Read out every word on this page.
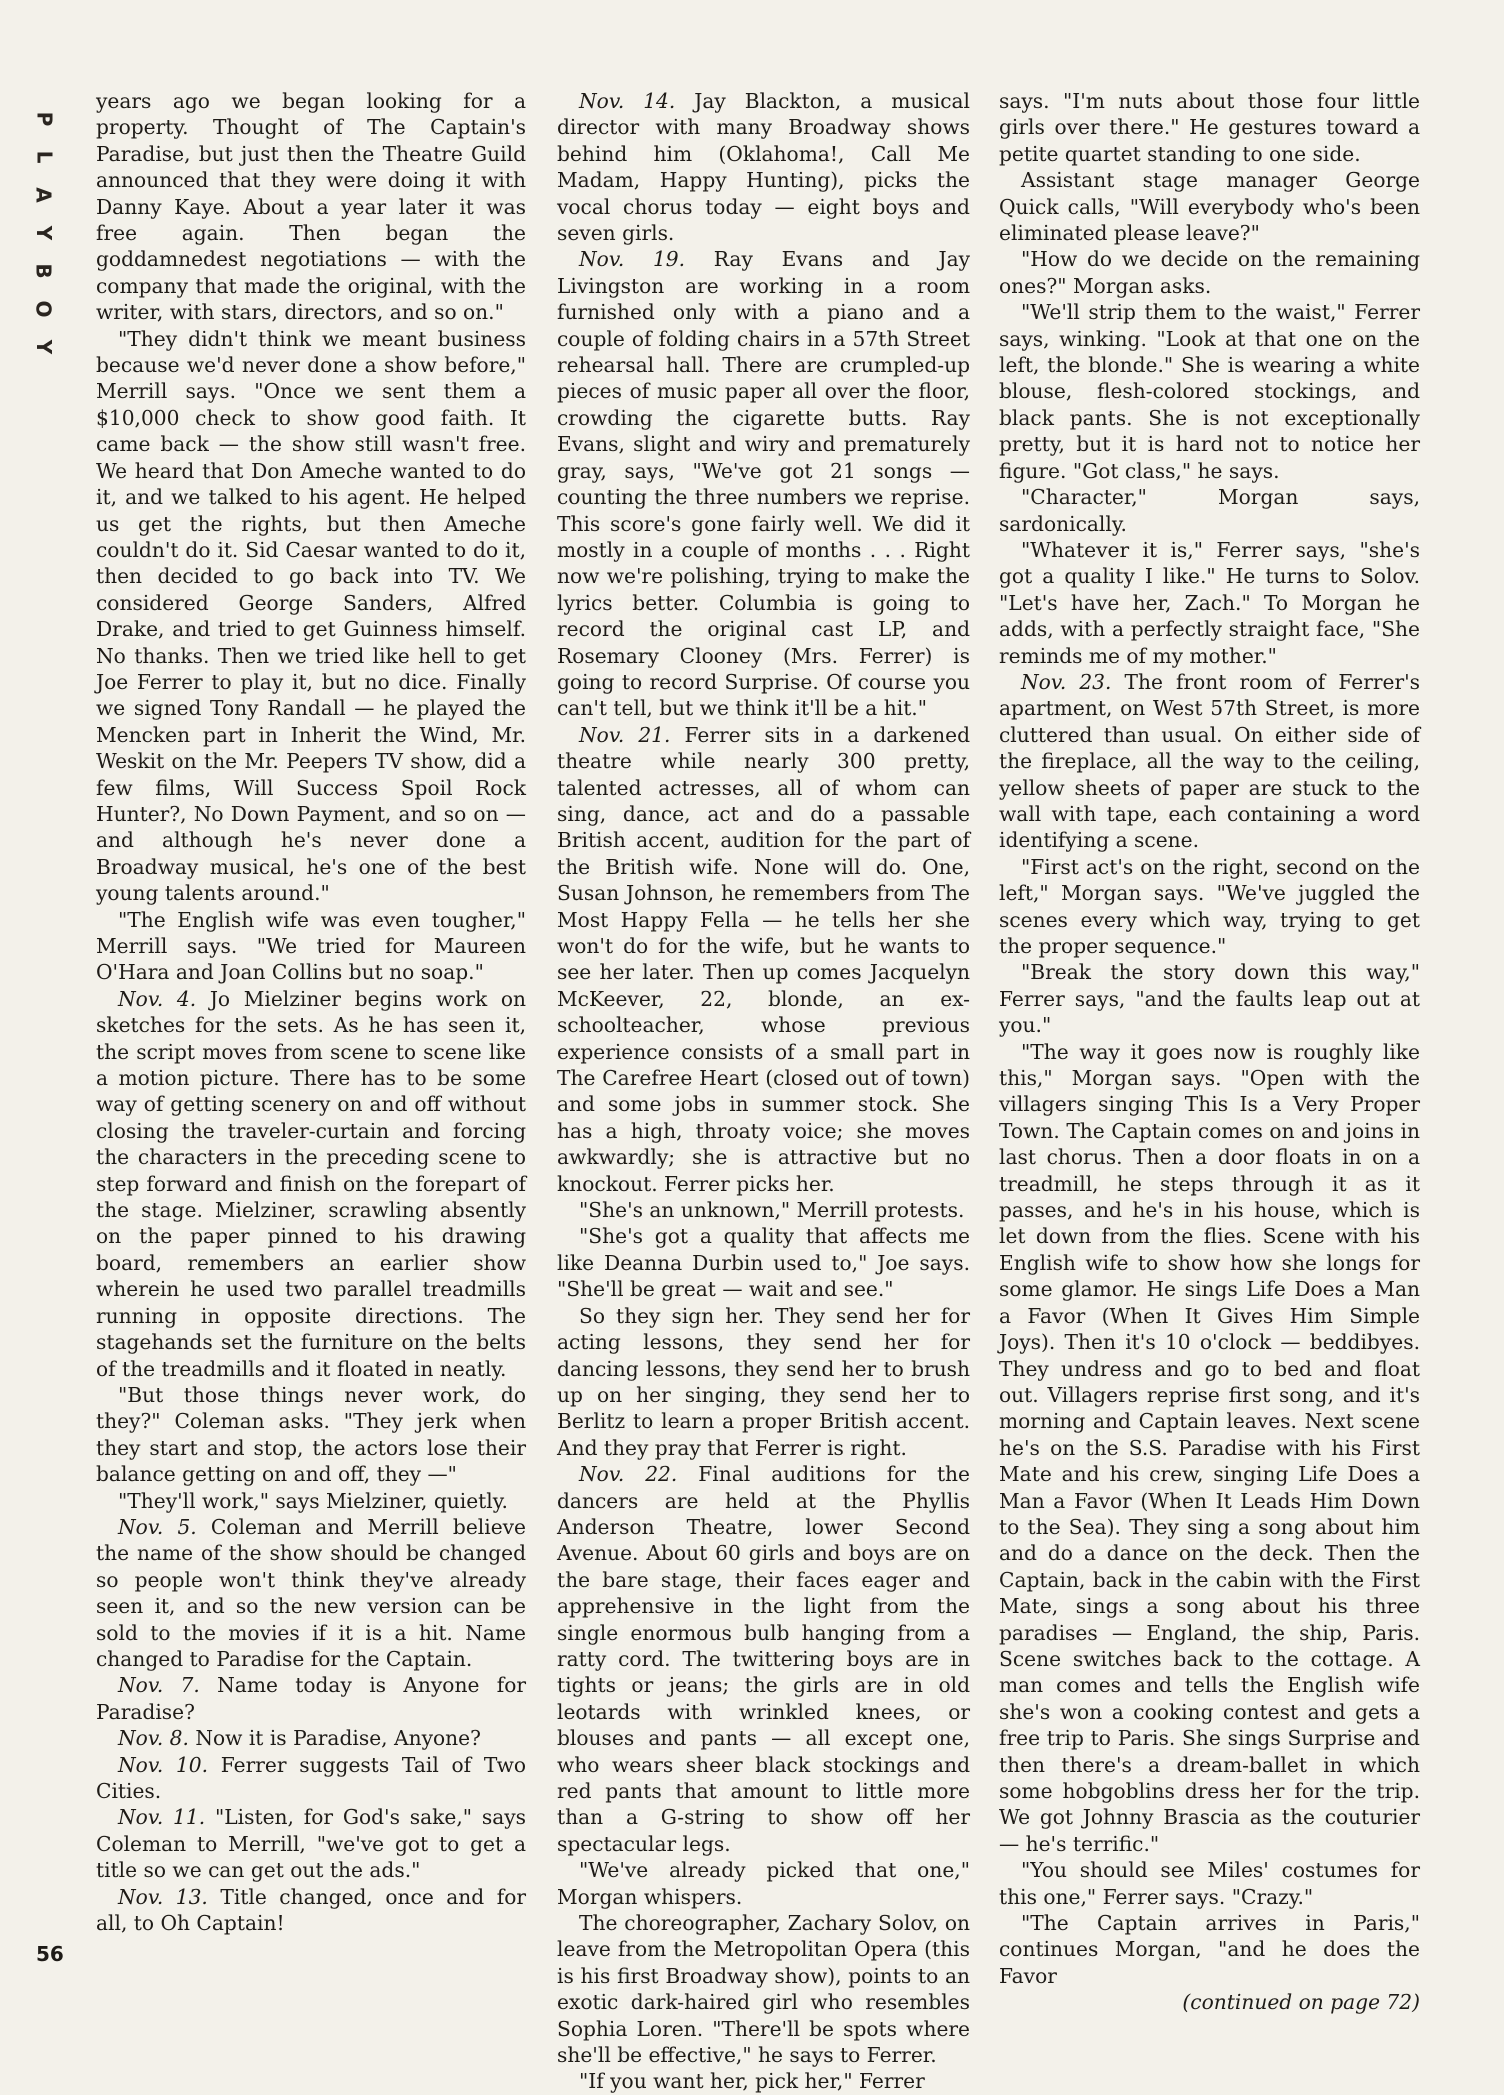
P
L
A
Y
B
O
Y

years ago we began looking for a property. Thought of The Captain's Paradise, but just then the Theatre Guild announced that they were doing it with Danny Kaye. About a year later it was free again. Then began the goddamnedest negotiations — with the company that made the original, with the writer, with stars, directors, and so on."

"They didn't think we meant business because we'd never done a show before," Merrill says. "Once we sent them a $10,000 check to show good faith. It came back — the show still wasn't free. We heard that Don Ameche wanted to do it, and we talked to his agent. He helped us get the rights, but then Ameche couldn't do it. Sid Caesar wanted to do it, then decided to go back into TV. We considered George Sanders, Alfred Drake, and tried to get Guinness himself. No thanks. Then we tried like hell to get Joe Ferrer to play it, but no dice. Finally we signed Tony Randall — he played the Mencken part in Inherit the Wind, Mr. Weskit on the Mr. Peepers TV show, did a few films, Will Success Spoil Rock Hunter?, No Down Payment, and so on — and although he's never done a Broadway musical, he's one of the best young talents around."

"The English wife was even tougher," Merrill says. "We tried for Maureen O'Hara and Joan Collins but no soap."

Nov. 4. Jo Mielziner begins work on sketches for the sets. As he has seen it, the script moves from scene to scene like a motion picture. There has to be some way of getting scenery on and off without closing the traveler-curtain and forcing the characters in the preceding scene to step forward and finish on the forepart of the stage. Mielziner, scrawling absently on the paper pinned to his drawing board, remembers an earlier show wherein he used two parallel treadmills running in opposite directions. The stagehands set the furniture on the belts of the treadmills and it floated in neatly.

"But those things never work, do they?" Coleman asks. "They jerk when they start and stop, the actors lose their balance getting on and off, they —"

"They'll work," says Mielziner, quietly.

Nov. 5. Coleman and Merrill believe the name of the show should be changed so people won't think they've already seen it, and so the new version can be sold to the movies if it is a hit. Name changed to Paradise for the Captain.

Nov. 7. Name today is Anyone for Paradise?

Nov. 8. Now it is Paradise, Anyone?

Nov. 10. Ferrer suggests Tail of Two Cities.

Nov. 11. "Listen, for God's sake," says Coleman to Merrill, "we've got to get a title so we can get out the ads."

Nov. 13. Title changed, once and for all, to Oh Captain!

Nov. 14. Jay Blackton, a musical director with many Broadway shows behind him (Oklahoma!, Call Me Madam, Happy Hunting), picks the vocal chorus today — eight boys and seven girls.

Nov. 19. Ray Evans and Jay Livingston are working in a room furnished only with a piano and a couple of folding chairs in a 57th Street rehearsal hall. There are crumpled-up pieces of music paper all over the floor, crowding the cigarette butts. Ray Evans, slight and wiry and prematurely gray, says, "We've got 21 songs — counting the three numbers we reprise. This score's gone fairly well. We did it mostly in a couple of months . . . Right now we're polishing, trying to make the lyrics better. Columbia is going to record the original cast LP, and Rosemary Clooney (Mrs. Ferrer) is going to record Surprise. Of course you can't tell, but we think it'll be a hit."

Nov. 21. Ferrer sits in a darkened theatre while nearly 300 pretty, talented actresses, all of whom can sing, dance, act and do a passable British accent, audition for the part of the British wife. None will do. One, Susan Johnson, he remembers from The Most Happy Fella — he tells her she won't do for the wife, but he wants to see her later. Then up comes Jacquelyn McKeever, 22, blonde, an ex-schoolteacher, whose previous experience consists of a small part in The Carefree Heart (closed out of town) and some jobs in summer stock. She has a high, throaty voice; she moves awkwardly; she is attractive but no knockout. Ferrer picks her.

"She's an unknown," Merrill protests.

"She's got a quality that affects me like Deanna Durbin used to," Joe says. "She'll be great — wait and see."

So they sign her. They send her for acting lessons, they send her for dancing lessons, they send her to brush up on her singing, they send her to Berlitz to learn a proper British accent. And they pray that Ferrer is right.

Nov. 22. Final auditions for the dancers are held at the Phyllis Anderson Theatre, lower Second Avenue. About 60 girls and boys are on the bare stage, their faces eager and apprehensive in the light from the single enormous bulb hanging from a ratty cord. The twittering boys are in tights or jeans; the girls are in old leotards with wrinkled knees, or blouses and pants — all except one, who wears sheer black stockings and red pants that amount to little more than a G-string to show off her spectacular legs.

"We've already picked that one," Morgan whispers.

The choreographer, Zachary Solov, on leave from the Metropolitan Opera (this is his first Broadway show), points to an exotic dark-haired girl who resembles Sophia Loren. "There'll be spots where she'll be effective," he says to Ferrer.

"If you want her, pick her," Ferrer

says. "I'm nuts about those four little girls over there." He gestures toward a petite quartet standing to one side.

Assistant stage manager George Quick calls, "Will everybody who's been eliminated please leave?"

"How do we decide on the remaining ones?" Morgan asks.

"We'll strip them to the waist," Ferrer says, winking. "Look at that one on the left, the blonde." She is wearing a white blouse, flesh-colored stockings, and black pants. She is not exceptionally pretty, but it is hard not to notice her figure. "Got class," he says.

"Character," Morgan says, sardonically.

"Whatever it is," Ferrer says, "she's got a quality I like." He turns to Solov. "Let's have her, Zach." To Morgan he adds, with a perfectly straight face, "She reminds me of my mother."

Nov. 23. The front room of Ferrer's apartment, on West 57th Street, is more cluttered than usual. On either side of the fireplace, all the way to the ceiling, yellow sheets of paper are stuck to the wall with tape, each containing a word identifying a scene.

"First act's on the right, second on the left," Morgan says. "We've juggled the scenes every which way, trying to get the proper sequence."

"Break the story down this way," Ferrer says, "and the faults leap out at you."

"The way it goes now is roughly like this," Morgan says. "Open with the villagers singing This Is a Very Proper Town. The Captain comes on and joins in last chorus. Then a door floats in on a treadmill, he steps through it as it passes, and he's in his house, which is let down from the flies. Scene with his English wife to show how she longs for some glamor. He sings Life Does a Man a Favor (When It Gives Him Simple Joys). Then it's 10 o'clock — beddibyes. They undress and go to bed and float out. Villagers reprise first song, and it's morning and Captain leaves. Next scene he's on the S.S. Paradise with his First Mate and his crew, singing Life Does a Man a Favor (When It Leads Him Down to the Sea). They sing a song about him and do a dance on the deck. Then the Captain, back in the cabin with the First Mate, sings a song about his three paradises — England, the ship, Paris. Scene switches back to the cottage. A man comes and tells the English wife she's won a cooking contest and gets a free trip to Paris. She sings Surprise and then there's a dream-ballet in which some hobgoblins dress her for the trip. We got Johnny Brascia as the couturier — he's terrific."

"You should see Miles' costumes for this one," Ferrer says. "Crazy."

"The Captain arrives in Paris," continues Morgan, "and he does the Favor

(continued on page 72)

56
